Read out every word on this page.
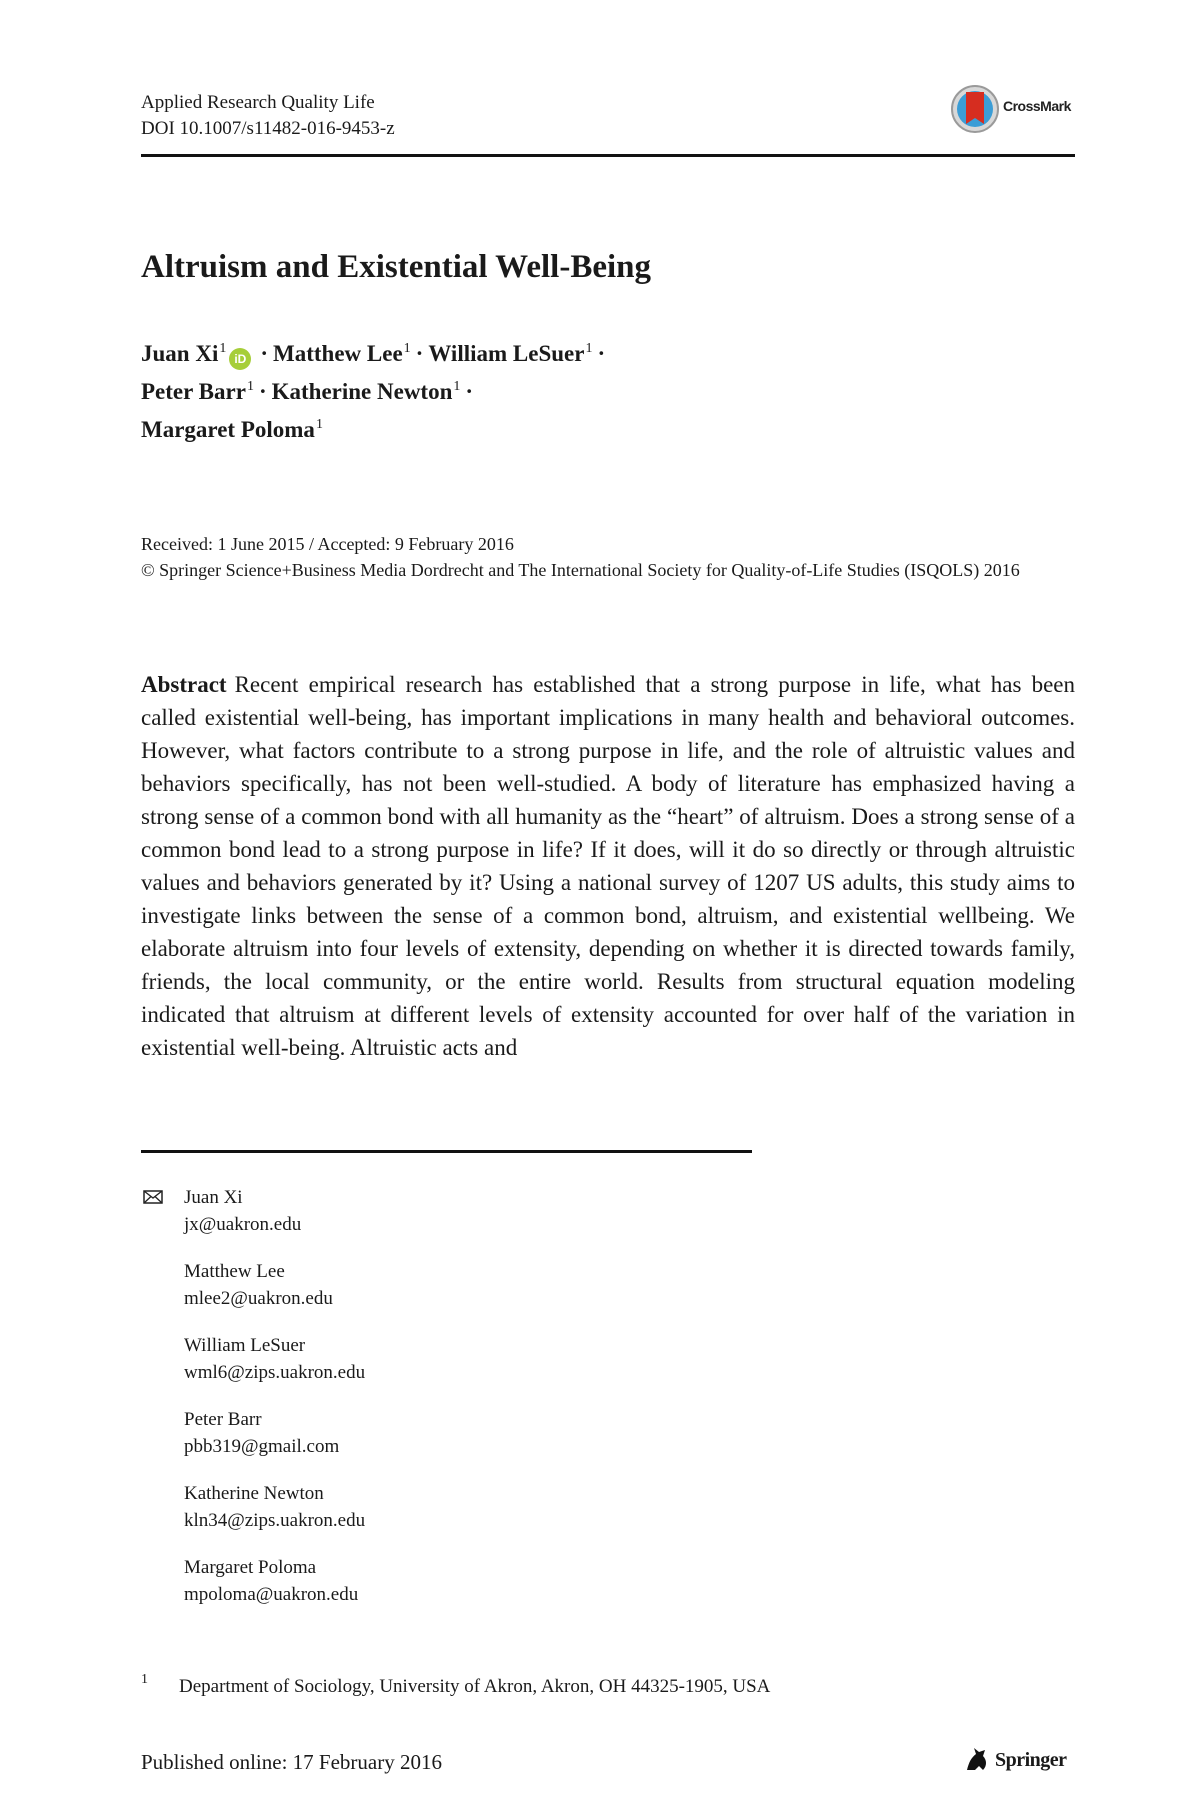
Applied Research Quality Life
DOI 10.1007/s11482-016-9453-z
CrossMark
Altruism and Existential Well-Being
Juan $Xi^1iD$ · Matthew Lee$^1$ · William LeSuer$^1$ ·
Peter Barr$^1$ · Katherine Newton$^1$ ·
Margaret Poloma$^1$
Received: 1 June 2015 / Accepted: 9 February 2016
© Springer Science+Business Media Dordrecht and The International Society for Quality-of-Life Studies (ISQOLS) 2016
Abstract Recent empirical research has established that a strong purpose in life, what has been called existential well-being, has important implications in many health and behavioral outcomes. However, what factors contribute to a strong purpose in life, and the role of altruistic values and behaviors specifically, has not been well-studied. A body of literature has emphasized having a strong sense of a common bond with all humanity as the “heart” of altruism. Does a strong sense of a common bond lead to a strong purpose in life? If it does, will it do so directly or through altruistic values and behaviors generated by it? Using a national survey of 1207 US adults, this study aims to investigate links between the sense of a common bond, altruism, and existential wellbeing. We elaborate altruism into four levels of extensity, depending on whether it is directed towards family, friends, the local community, or the entire world. Results from structural equation modeling indicated that altruism at different levels of extensity accounted for over half of the variation in existential well-being. Altruistic acts and
Juan Xi
jx@uakron.edu
Matthew Lee
mlee2@uakron.edu
William LeSuer
wml6@zips.uakron.edu
Peter Barr
pbb319@gmail.com
Katherine Newton
kln34@zips.uakron.edu
Margaret Poloma
mpoloma@uakron.edu
1 Department of Sociology, University of Akron, Akron, OH 44325-1905, USA
Published online: 17 February 2016	Springer
